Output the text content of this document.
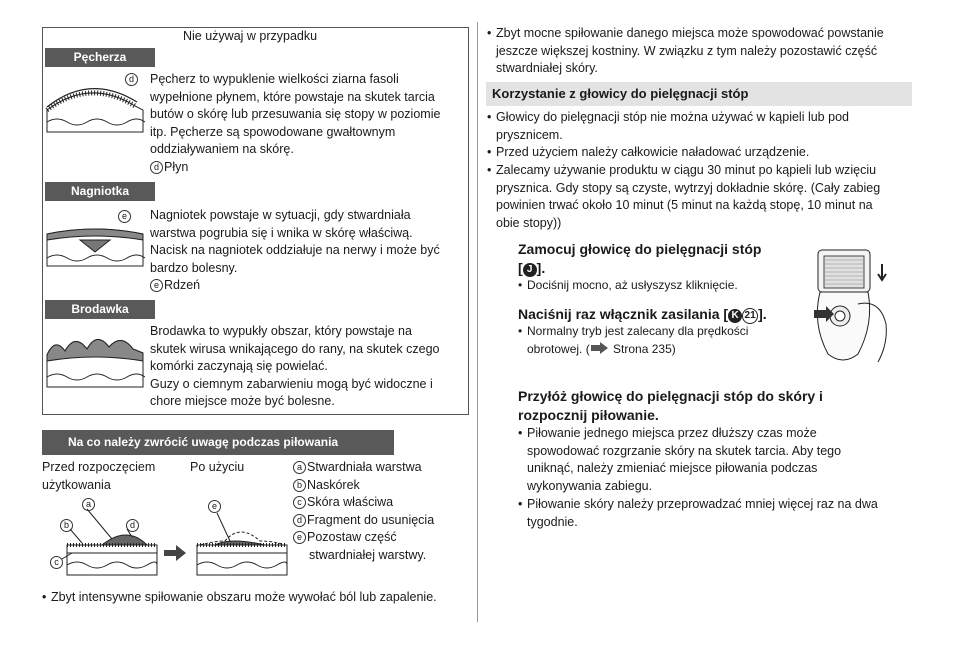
Nie używaj w przypadku
Pęcherza
d	Pęcherz to wypuklenie wielkości ziarna fasoli
wypełnione płynem, które powstaje na skutek tarcia
butów o skórę lub przesuwania się stopy w poziomie
itp. Pęcherze są spowodowane gwałtownym
oddziaływaniem na skórę.
d Płyn
Nagniotka
e	Nagniotek powstaje w sytuacji, gdy stwardniała
warstwa pogrubia się i wnika w skórę właściwą.
Nacisk na nagniotek oddziałuje na nerwy i może być
bardzo bolesny.
e Rdzeń
Brodawka
Brodawka to wypukły obszar, który powstaje na
skutek wirusa wnikającego do rany, na skutek czego
komórki zaczynają się powielać.
Guzy o ciemnym zabarwieniu mogą być widoczne i
chore miejsce może być bolesne.
Na co należy zwrócić uwagę podczas piłowania
Przed rozpoczęciem
użytkowania
Po użyciu
a
b	d
c
e
a Stwardniała warstwa
b Naskórek
c Skóra właściwa
d Fragment do usunięcia
e Pozostaw część
stwardniałej warstwy.
• Zbyt intensywne spiłowanie obszaru może wywołać ból lub zapalenie.
• Zbyt mocne spiłowanie danego miejsca może spowodować powstanie
jeszcze większej kostniny. W związku z tym należy pozostawić część
stwardniałej skóry.
Korzystanie z głowicy do pielęgnacji stóp
• Głowicy do pielęgnacji stóp nie można używać w kąpieli lub pod
prysznicem.
• Przed użyciem należy całkowicie naładować urządzenie.
• Zalecamy używanie produktu w ciągu 30 minut po kąpieli lub wzięciu
prysznica. Gdy stopy są czyste, wytrzyj dokładnie skórę. (Cały zabieg
powinien trwać około 10 minut (5 minut na każdą stopę, 10 minut na
obie stopy))
Zamocuj głowicę do pielęgnacji stóp
[ J ].
• Dociśnij mocno, aż usłyszysz kliknięcie.
Naciśnij raz włącznik zasilania [ K 21 ].
• Normalny tryb jest zalecany dla prędkości
obrotowej. ( Strona 235)
Przyłóż głowicę do pielęgnacji stóp do skóry i
rozpocznij piłowanie.
• Piłowanie jednego miejsca przez dłuższy czas może
spowodować rozgrzanie skóry na skutek tarcia. Aby tego
uniknąć, należy zmieniać miejsce piłowania podczas
wykonywania zabiegu.
• Piłowanie skóry należy przeprowadzać mniej więcej raz na dwa
tygodnie.
